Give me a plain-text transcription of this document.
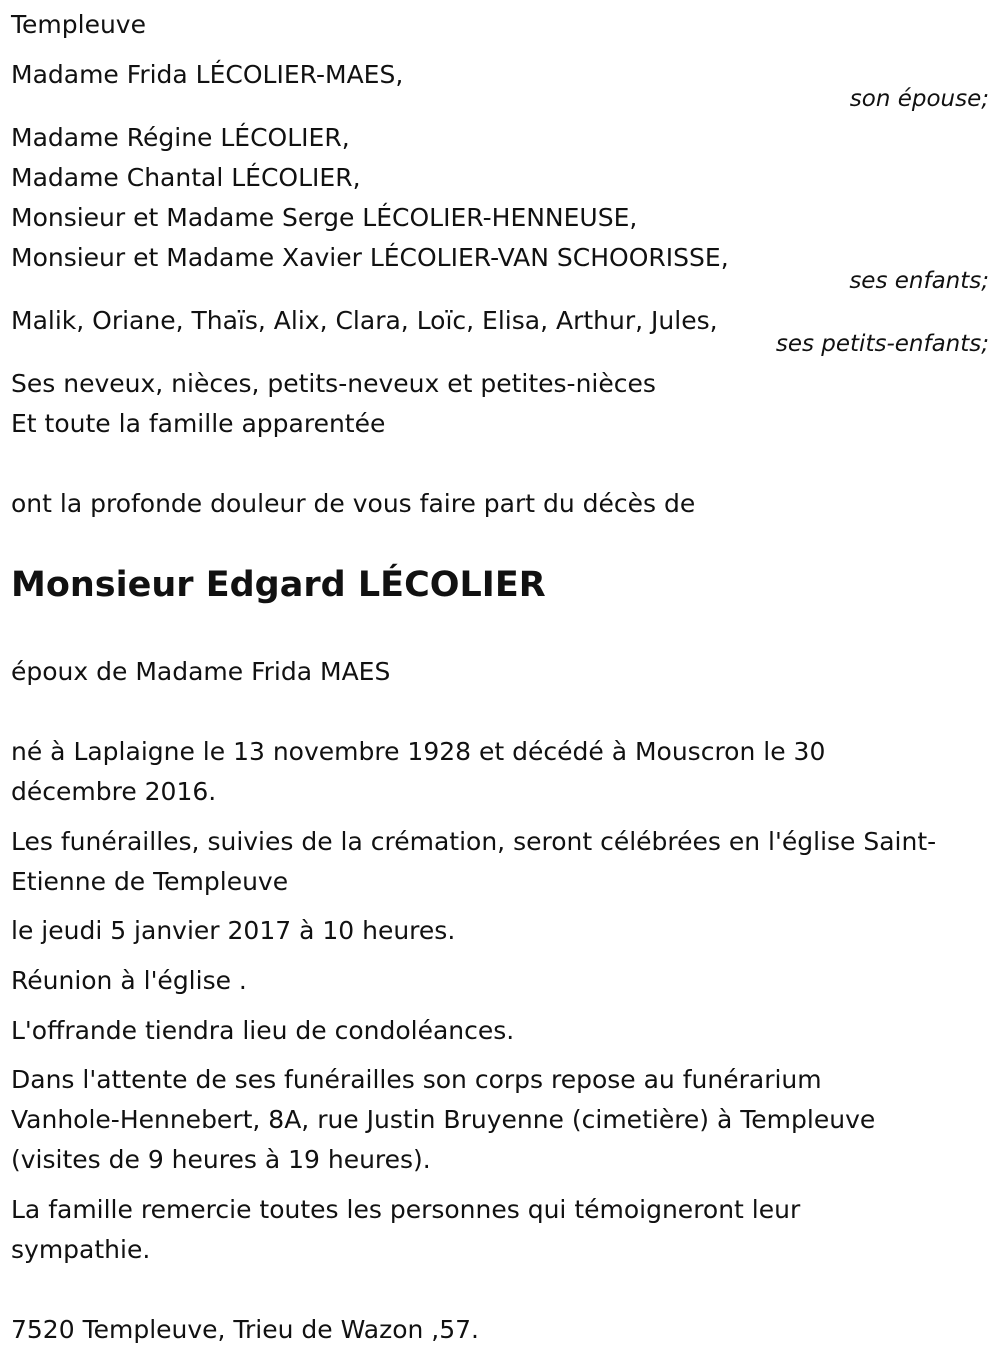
Templeuve

Madame Frida LÉCOLIER-MAES,

son épouse;

Madame Régine LÉCOLIER,

Madame Chantal LÉCOLIER,

Monsieur et Madame Serge LÉCOLIER-HENNEUSE,

Monsieur et Madame Xavier LÉCOLIER-VAN SCHOORISSE,

ses enfants;

Malik, Oriane, Thaïs, Alix, Clara, Loïc, Elisa, Arthur, Jules,

ses petits-enfants;

Ses neveux, nièces, petits-neveux et petites-nièces

Et toute la famille apparentée

ont la profonde douleur de vous faire part du décès de

Monsieur Edgard LÉCOLIER

époux de Madame Frida MAES

né à Laplaigne le 13 novembre 1928 et décédé à Mouscron le 30

décembre 2016.

Les funérailles, suivies de la crémation, seront célébrées en l'église Saint-

Etienne de Templeuve

le jeudi 5 janvier 2017 à 10 heures.

Réunion à l'église .

L'offrande tiendra lieu de condoléances.

Dans l'attente de ses funérailles son corps repose au funérarium

Vanhole-Hennebert, 8A, rue Justin Bruyenne (cimetière) à Templeuve

(visites de 9 heures à 19 heures).

La famille remercie toutes les personnes qui témoigneront leur

sympathie.

7520 Templeuve, Trieu de Wazon ,57.
